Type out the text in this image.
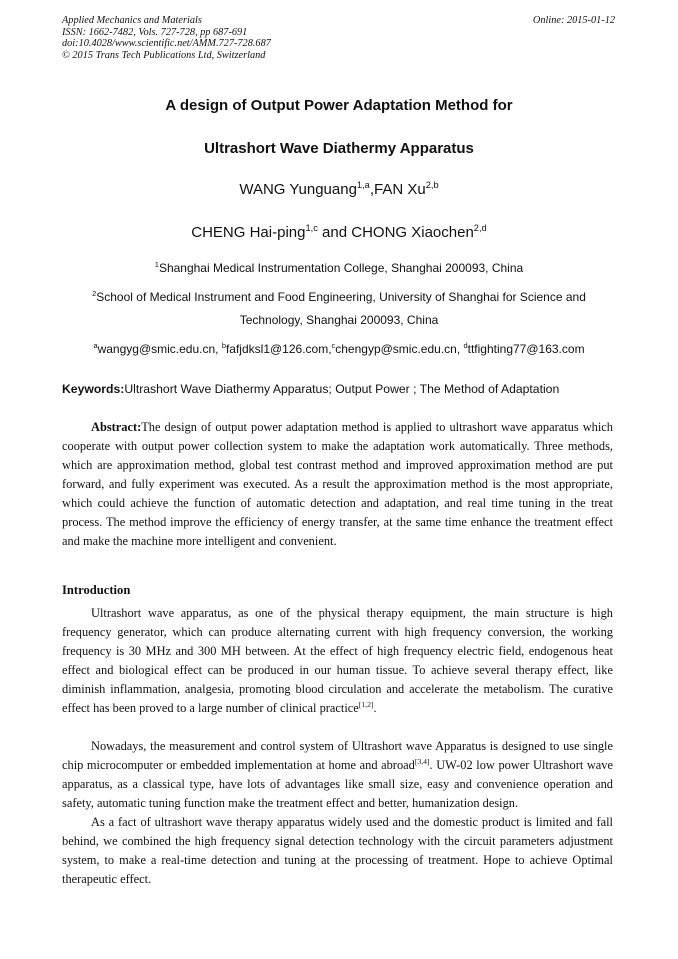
Applied Mechanics and Materials
ISSN: 1662-7482, Vols. 727-728, pp 687-691
doi:10.4028/www.scientific.net/AMM.727-728.687
© 2015 Trans Tech Publications Ltd, Switzerland
Online: 2015-01-12
A design of Output Power Adaptation Method for
Ultrashort Wave Diathermy Apparatus
WANG Yunguang$^{1,a}$,FAN Xu$^{2,b}$
CHENG Hai-ping$^{1,c}$ and CHONG Xiaochen$^{2,d}$
$^1$Shanghai Medical Instrumentation College, Shanghai 200093, China
$^2$School of Medical Instrument and Food Engineering, University of Shanghai for Science and
Technology, Shanghai 200093, China
$^a$wangyg@smic.edu.cn, $^b$fafjdksl1@126.com,$^c$chengyp@smic.edu.cn, $^d$ttfighting77@163.com
Keywords:Ultrashort Wave Diathermy Apparatus; Output Power ; The Method of Adaptation

Abstract:The design of output power adaptation method is applied to ultrashort wave apparatus which cooperate with output power collection system to make the adaptation work automatically. Three methods, which are approximation method, global test contrast method and improved approximation method are put forward, and fully experiment was executed. As a result the approximation method is the most appropriate, which could achieve the function of automatic detection and adaptation, and real time tuning in the treat process. The method improve the efficiency of energy transfer, at the same time enhance the treatment effect and make the machine more intelligent and convenient.

Introduction

Ultrashort wave apparatus, as one of the physical therapy equipment, the main structure is high frequency generator, which can produce alternating current with high frequency conversion, the working frequency is 30 MHz and 300 MH between. At the effect of high frequency electric field, endogenous heat effect and biological effect can be produced in our human tissue. To achieve several therapy effect, like diminish inflammation, analgesia, promoting blood circulation and accelerate the metabolism. The curative effect has been proved to a large number of clinical practice[1,2].

Nowadays, the measurement and control system of Ultrashort wave Apparatus is designed to use single chip microcomputer or embedded implementation at home and abroad[3,4]. UW-02 low power Ultrashort wave apparatus, as a classical type, have lots of advantages like small size, easy and convenience operation and safety, automatic tuning function make the treatment effect and better, humanization design.

As a fact of ultrashort wave therapy apparatus widely used and the domestic product is limited and fall behind, we combined the high frequency signal detection technology with the circuit parameters adjustment system, to make a real-time detection and tuning at the processing of treatment. Hope to achieve Optimal therapeutic effect.
